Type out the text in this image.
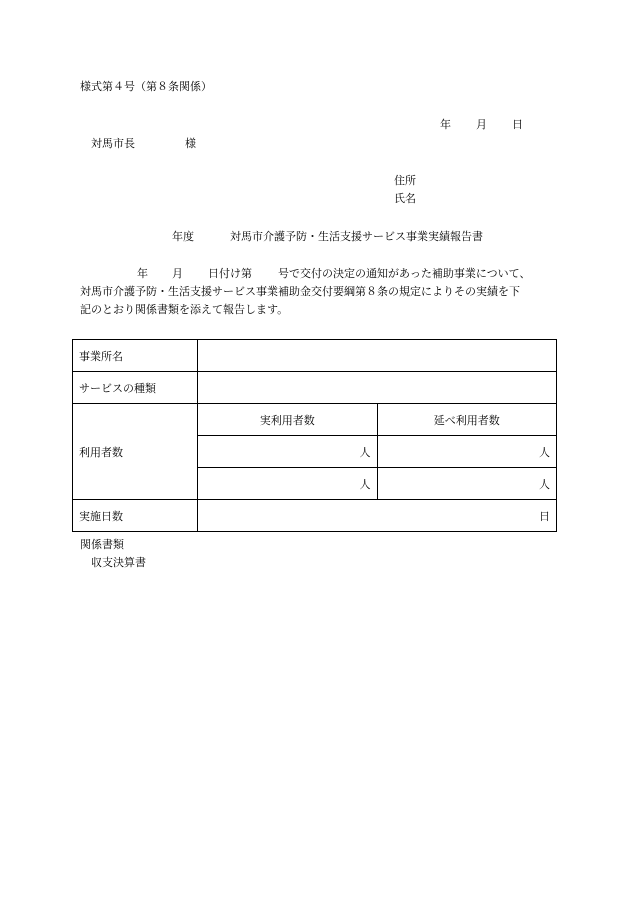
様式第４号（第８条関係）
年 月 日
対馬市長	様
住所
氏名
年度	対馬市介護予防・生活支援サービス事業実績報告書
年 月 日付け第 号で交付の決定の通知があった補助事業について、
対馬市介護予防・生活支援サービス事業補助金交付要綱第８条の規定によりその実績を下
記のとおり関係書類を添えて報告します。
事業所名		
サービスの種類		
利用者数	実利用者数	延べ利用者数
	人	人
	人	人
実施日数	日	
関係書類
収支決算書
